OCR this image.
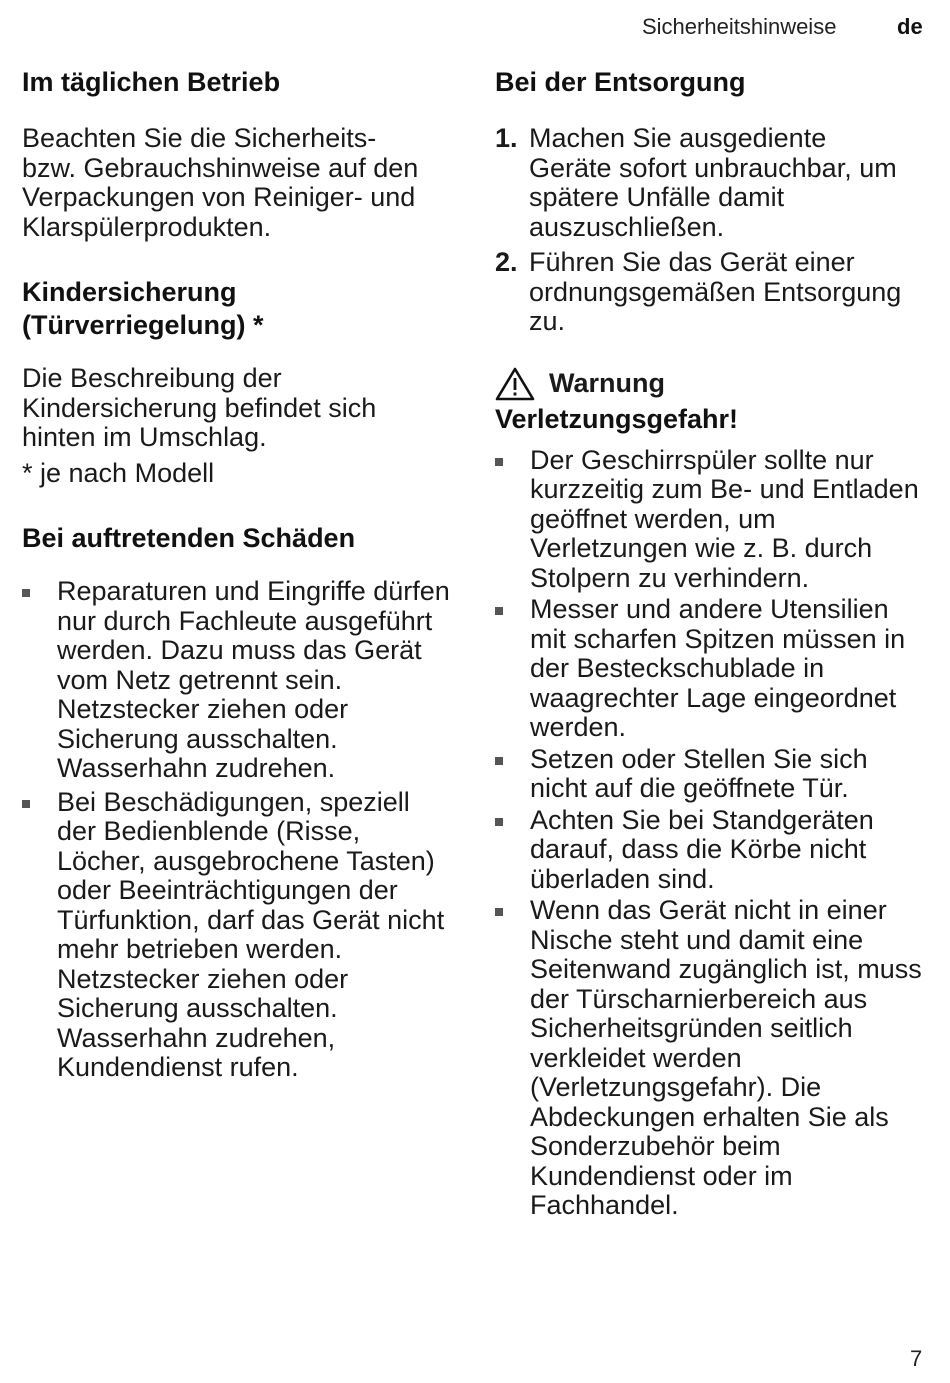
Sicherheitshinweise	de
Im täglichen Betrieb

Beachten Sie die Sicherheits- bzw. Gebrauchshinweise auf den Verpackungen von Reiniger- und Klarspülerprodukten.

Kindersicherung
(Türverriegelung) *

Die Beschreibung der Kindersicherung befindet sich hinten im Umschlag.

* je nach Modell

Bei auftretenden Schäden
Reparaturen und Eingriffe dürfen nur durch Fachleute ausgeführt werden. Dazu muss das Gerät vom Netz getrennt sein. Netzstecker ziehen oder Sicherung ausschalten. Wasserhahn zudrehen.
Bei Beschädigungen, speziell der Bedienblende (Risse, Löcher, ausgebrochene Tasten) oder Beeinträchtigungen der Türfunktion, darf das Gerät nicht mehr betrieben werden. Netzstecker ziehen oder Sicherung ausschalten. Wasserhahn zudrehen, Kundendienst rufen.
Bei der Entsorgung
1. Machen Sie ausgediente Geräte sofort unbrauchbar, um spätere Unfälle damit auszuschließen.
2. Führen Sie das Gerät einer ordnungsgemäßen Entsorgung zu.
Warnung
Verletzungsgefahr!
Der Geschirrspüler sollte nur kurzzeitig zum Be- und Entladen geöffnet werden, um Verletzungen wie z. B. durch Stolpern zu verhindern.
Messer und andere Utensilien mit scharfen Spitzen müssen in der Besteckschublade in waagrechter Lage eingeordnet werden.
Setzen oder Stellen Sie sich nicht auf die geöffnete Tür.
Achten Sie bei Standgeräten darauf, dass die Körbe nicht überladen sind.
Wenn das Gerät nicht in einer Nische steht und damit eine Seitenwand zugänglich ist, muss der Türscharnierbereich aus Sicherheitsgründen seitlich verkleidet werden (Verletzungsgefahr). Die Abdeckungen erhalten Sie als Sonderzubehör beim Kundendienst oder im Fachhandel.
7
